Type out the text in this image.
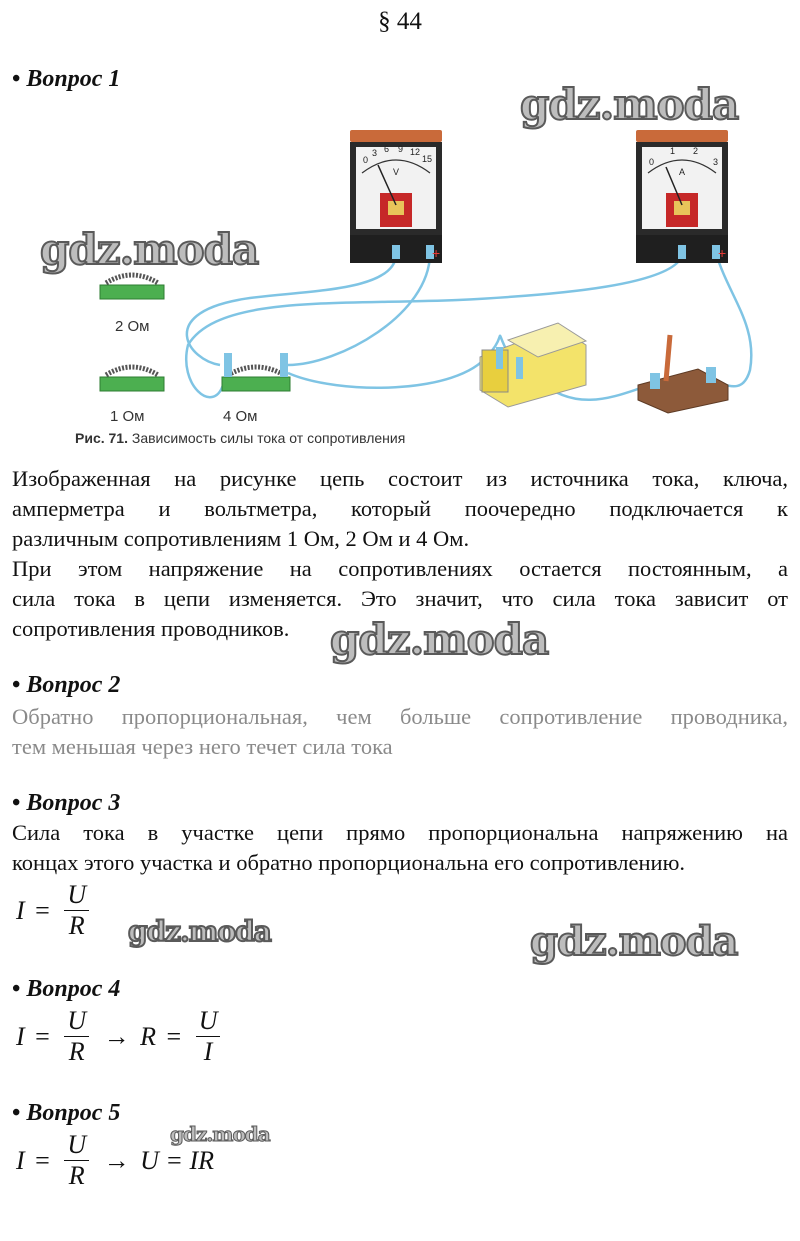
§ 44
• Вопрос 1
0
3 6 9 12
15
V
+
0
1 2
3
A
+
2 Ом
1 Ом	4 Ом
Рис. 71. Зависимость силы тока от сопротивления
Изображенная на рисунке цепь состоит из источника тока, ключа,
амперметра и вольтметра, который поочередно подключается к
различным сопротивлениям 1 Ом, 2 Ом и 4 Ом.
При этом напряжение на сопротивлениях остается постоянным, а
сила тока в цепи изменяется. Это значит, что сила тока зависит от
сопротивления проводников.
• Вопрос 2
Обратно пропорциональная, чем больше сопротивление проводника,
тем меньшая через него течет сила тока
• Вопрос 3
Сила тока в участке цепи прямо пропорциональна напряжению на
концах этого участка и обратно пропорциональна его сопротивлению.
$I = \frac{U}{R}$
• Вопрос 4
$I = \frac{U}{R} \to R = \frac{U}{I}$
• Вопрос 5
$I = \frac{U}{R} \to U$ = IR
gdz.moda
gdz.moda
gdz.moda
gdz.moda	gdz.moda
gdz.moda
